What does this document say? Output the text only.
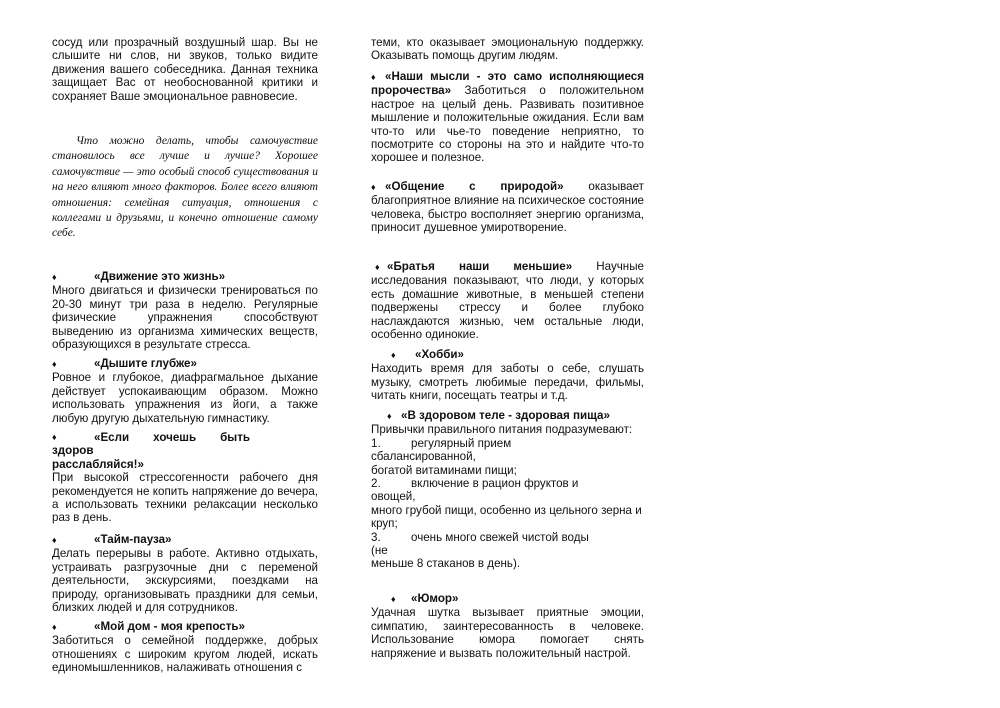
сосуд или прозрачный воздушный шар. Вы не слышите ни слов, ни звуков, только видите движения вашего собеседника. Данная техника защищает Вас от необоснованной критики и сохраняет Ваше эмоциональное равновесие.

Что можно делать, чтобы самочувствие становилось все лучше и лучше? Хорошее самочувствие — это особый способ существования и на него влияют много факторов. Более всего влияют отношения: семейная ситуация, отношения с коллегами и друзьями, и конечно отношение самому себе.

♦	«Движение это жизнь»

Много двигаться и физически тренироваться по 20-30 минут три раза в неделю. Регулярные физические упражнения способствуют выведению из организма химических веществ, образующихся в результате стресса.

♦	«Дышите глубже»

Ровное и глубокое, диафрагмальное дыхание действует успокаивающим образом. Можно использовать упражнения из йоги, а также любую другую дыхательную гимнастику.

♦	«Если хочешь быть
здоров
расслабляйся!»

При высокой стрессогенности рабочего дня рекомендуется не копить напряжение до вечера, а использовать техники релаксации несколько раз в день.

♦	«Тайм-пауза»

Делать перерывы в работе. Активно отдыхать, устраивать разгрузочные дни с переменой деятельности, экскурсиями, поездками на природу, организовывать праздники для семьи, близких людей и для сотрудников.

♦	«Мой дом - моя крепость»

Заботиться о семейной поддержке, добрых отношениях с широким кругом людей, искать единомышленников, налаживать отношения с

теми, кто оказывает эмоциональную поддержку. Оказывать помощь другим людям.

♦ «Наши мысли - это само исполняющиеся пророчества» Заботиться о положительном настрое на целый день. Развивать позитивное мышление и положительные ожидания. Если вам что-то или чье-то поведение неприятно, то посмотрите со стороны на это и найдите что-то хорошее и полезное.

♦ «Общение с природой» оказывает благоприятное влияние на психическое состояние человека, быстро восполняет энергию организма, приносит душевное умиротворение.

♦ «Братья наши меньшие» Научные исследования показывают, что люди, у которых есть домашние животные, в меньшей степени подвержены стрессу и более глубоко наслаждаются жизнью, чем остальные люди, особенно одинокие.

♦ «Хобби»

Находить время для заботы о себе, слушать музыку, смотреть любимые передачи, фильмы, читать книги, посещать театры и т.д.

♦ «В здоровом теле - здоровая пища»
Привычки правильного питания подразумевают:
1.	регулярный прием
сбалансированной,
богатой витаминами пищи;
2.	включение в рацион фруктов и
овощей,
много грубой пищи, особенно из цельного зерна и
круп;
3.	очень много свежей чистой воды
(не
меньше 8 стаканов в день).
♦ «Юмор»

Удачная шутка вызывает приятные эмоции, симпатию, заинтересованность в человеке. Использование юмора помогает снять напряжение и вызвать положительный настрой.
